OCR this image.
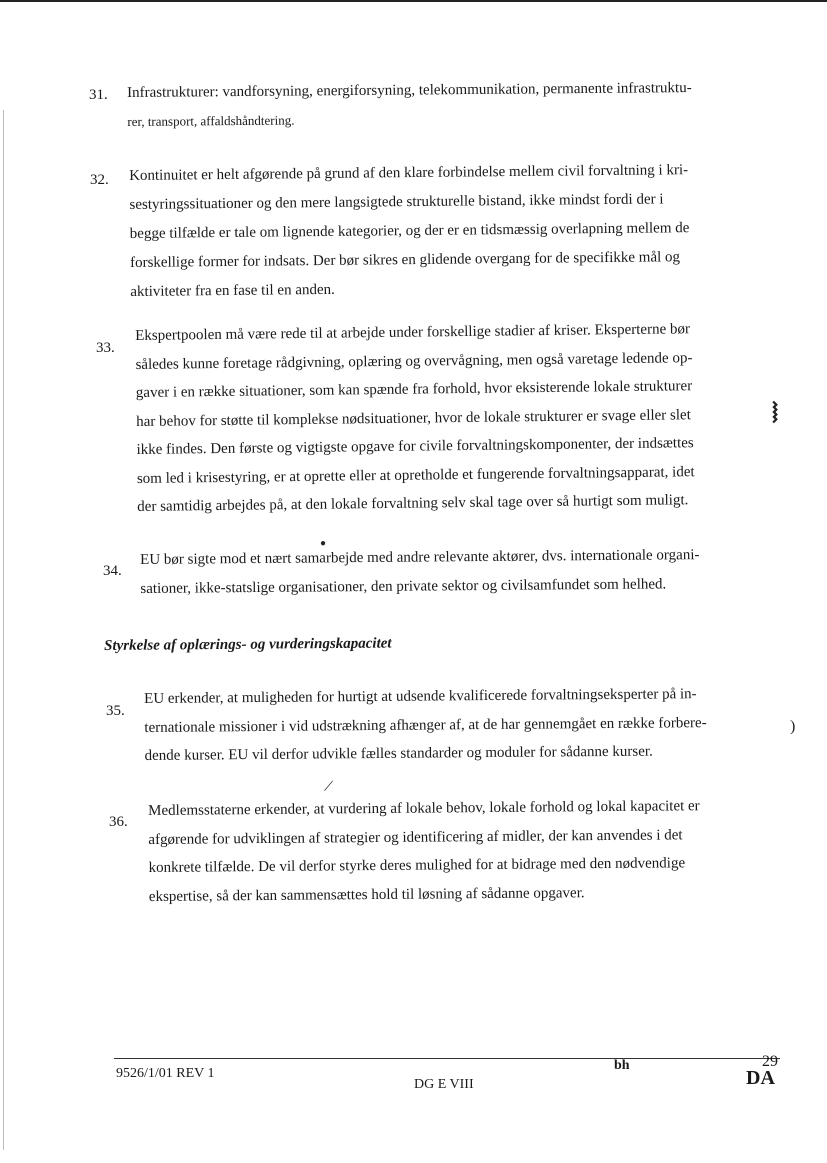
31. Infrastrukturer: vandforsyning, energiforsyning, telekommunikation, permanente infrastruktu-
rer, transport, affaldshåndtering.
32. Kontinuitet er helt afgørende på grund af den klare forbindelse mellem civil forvaltning i kri-
sestyringssituationer og den mere langsigtede strukturelle bistand, ikke mindst fordi der i
begge tilfælde er tale om lignende kategorier, og der er en tidsmæssig overlapning mellem de
forskellige former for indsats. Der bør sikres en glidende overgang for de specifikke mål og
aktiviteter fra en fase til en anden.
33.
Ekspertpoolen må være rede til at arbejde under forskellige stadier af kriser. Eksperterne bør
således kunne foretage rådgivning, oplæring og overvågning, men også varetage ledende op-
gaver i en række situationer, som kan spænde fra forhold, hvor eksisterende lokale strukturer
har behov for støtte til komplekse nødsituationer, hvor de lokale strukturer er svage eller slet
ikke findes. Den første og vigtigste opgave for civile forvaltningskomponenter, der indsættes
som led i krisestyring, er at oprette eller at opretholde et fungerende forvaltningsapparat, idet
der samtidig arbejdes på, at den lokale forvaltning selv skal tage over så hurtigt som muligt.
34.
EU bør sigte mod et nært samarbejde med andre relevante aktører, dvs. internationale organi-
sationer, ikke-statslige organisationer, den private sektor og civilsamfundet som helhed.
Styrkelse af oplærings- og vurderingskapacitet
35.
EU erkender, at muligheden for hurtigt at udsende kvalificerede forvaltningseksperter på in-
ternationale missioner i vid udstrækning afhænger af, at de har gennemgået en række forbere-
dende kurser. EU vil derfor udvikle fælles standarder og moduler for sådanne kurser.
36.
Medlemsstaterne erkender, at vurdering af lokale behov, lokale forhold og lokal kapacitet er
afgørende for udviklingen af strategier og identificering af midler, der kan anvendes i det
konkrete tilfælde. De vil derfor styrke deres mulighed for at bidrage med den nødvendige
ekspertise, så der kan sammensættes hold til løsning af sådanne opgaver.
⧘
)
●
|
9526/1/01 REV 1
bh	29
DG E VIII	DA
